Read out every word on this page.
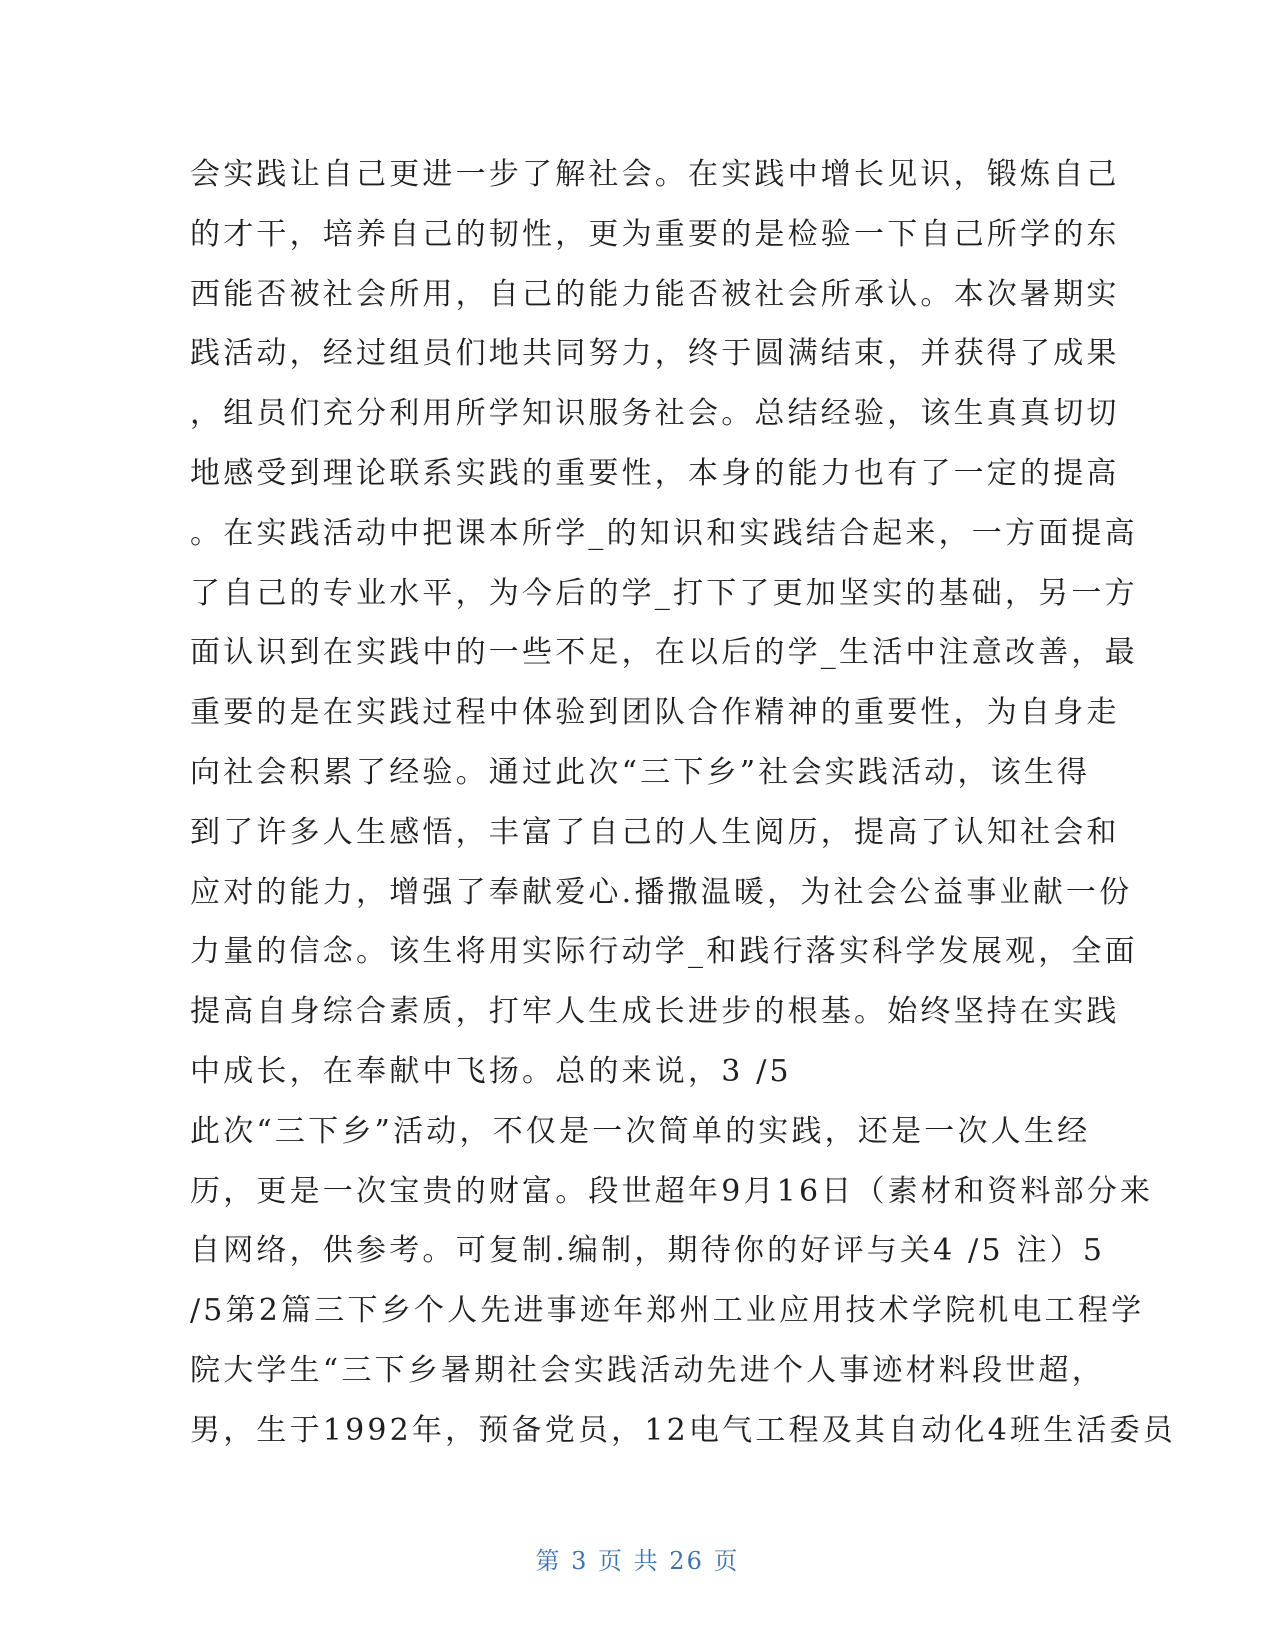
会实践让自己更进一步了解社会。在实践中增长见识，锻炼自己
的才干，培养自己的韧性，更为重要的是检验一下自己所学的东
西能否被社会所用，自己的能力能否被社会所承认。本次暑期实
践活动，经过组员们地共同努力，终于圆满结束，并获得了成果
，组员们充分利用所学知识服务社会。总结经验，该生真真切切
地感受到理论联系实践的重要性，本身的能力也有了一定的提高
。在实践活动中把课本所学_的知识和实践结合起来，一方面提高
了自己的专业水平，为今后的学_打下了更加坚实的基础，另一方
面认识到在实践中的一些不足，在以后的学_生活中注意改善，最
重要的是在实践过程中体验到团队合作精神的重要性，为自身走
向社会积累了经验。通过此次“三下乡”社会实践活动，该生得
到了许多人生感悟，丰富了自己的人生阅历，提高了认知社会和
应对的能力，增强了奉献爱心.播撒温暖，为社会公益事业献一份
力量的信念。该生将用实际行动学_和践行落实科学发展观，全面
提高自身综合素质，打牢人生成长进步的根基。始终坚持在实践
中成长，在奉献中飞扬。总的来说，3 /5
此次“三下乡”活动，不仅是一次简单的实践，还是一次人生经
历，更是一次宝贵的财富。段世超年9月16日（素材和资料部分来
自网络，供参考。可复制.编制，期待你的好评与关4 /5 注）5
/5第2篇三下乡个人先进事迹年郑州工业应用技术学院机电工程学
院大学生“三下乡暑期社会实践活动先进个人事迹材料段世超，
男，生于1992年，预备党员，12电气工程及其自动化4班生活委员
第 3 页 共 26 页
